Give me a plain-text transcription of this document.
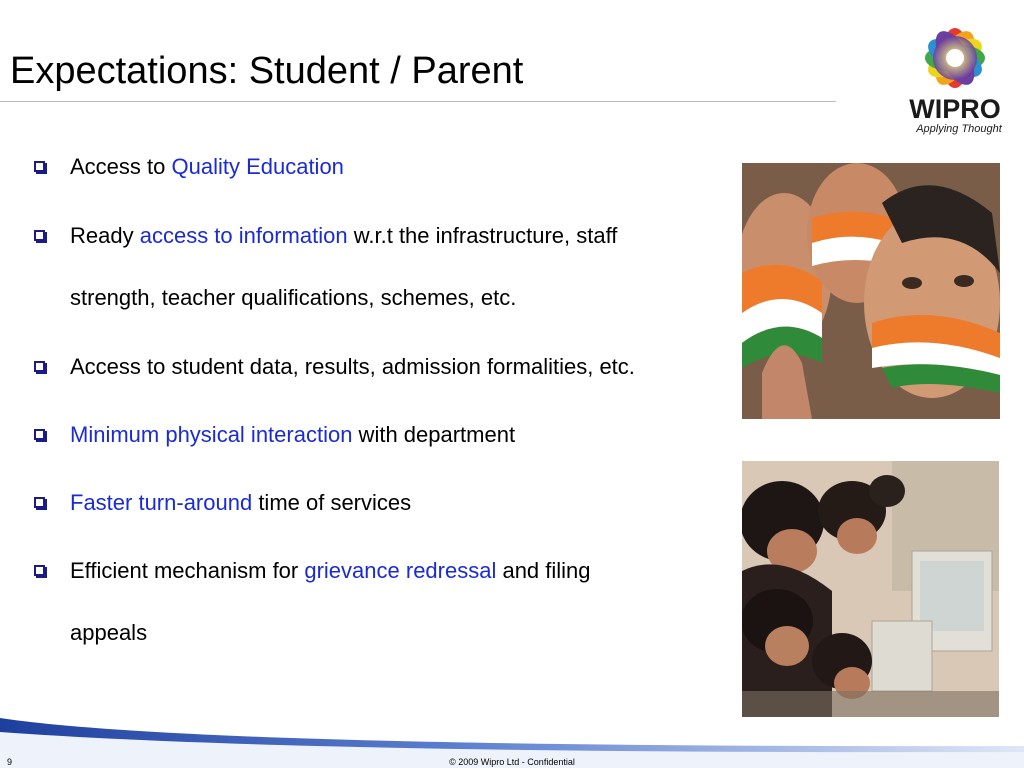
Expectations: Student / Parent
WIPRO
Applying Thought
Access to Quality Education
Ready access to information w.r.t the infrastructure, staff
strength, teacher qualifications, schemes, etc.
Access to student data, results, admission formalities, etc.
Minimum physical interaction with department
Faster turn-around time of services
Efficient mechanism for grievance redressal and filing
appeals
9	© 2009 Wipro Ltd - Confidential
